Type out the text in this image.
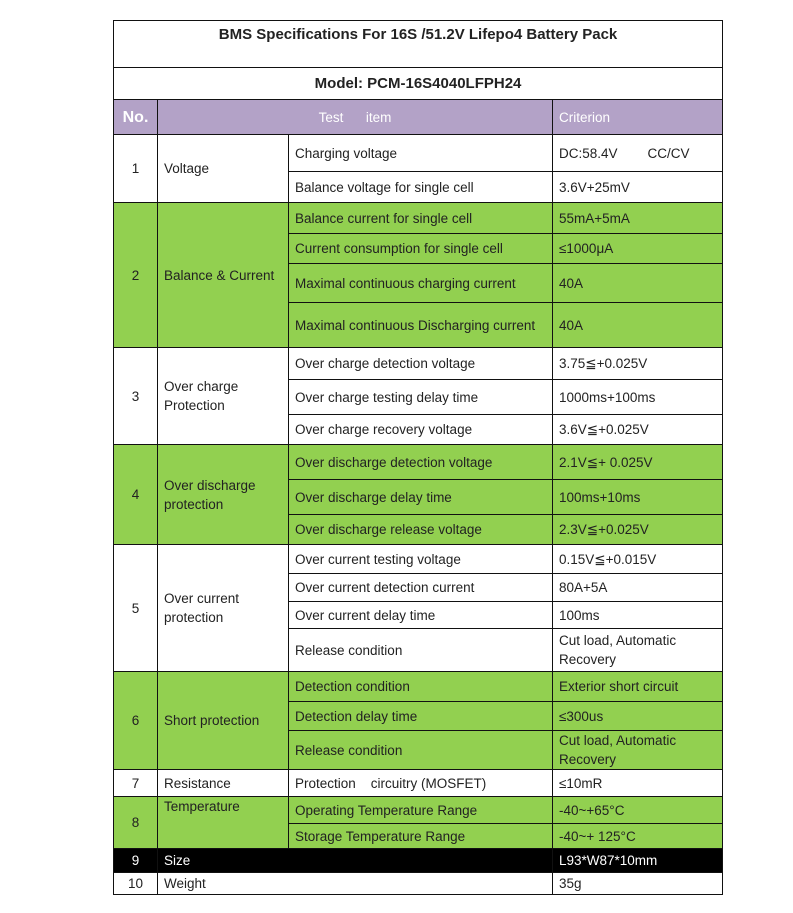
BMS Specifications For 16S /51.2V Lifepo4 Battery Pack			
Model: PCM-16S4040LFPH24			
No.	Test      item		Criterion
1	Voltage	Charging voltage	DC:58.4V        CC/CV
		Balance voltage for single cell	3.6V+25mV
2	Balance & Current	Balance current for single cell	55mA+5mA
		Current consumption for single cell	≤1000μA
		Maximal continuous charging current	40A
		Maximal continuous Discharging current	40A
3	Over charge Protection	Over charge detection voltage	3.75≦+0.025V
		Over charge testing delay time	1000ms+100ms
		Over charge recovery voltage	3.6V≦+0.025V
4	Over discharge protection	Over discharge detection voltage	2.1V≦+ 0.025V
		Over discharge delay time	100ms+10ms
		Over discharge release voltage	2.3V≦+0.025V
5	Over current protection	Over current testing voltage	0.15V≦+0.015V
		Over current detection current	80A+5A
		Over current delay time	100ms
		Release condition	Cut load, Automatic Recovery
6	Short protection	Detection condition	Exterior short circuit
		Detection delay time	≤300us
		Release condition	Cut load, Automatic Recovery
7	Resistance	Protection    circuitry (MOSFET)	≤10mR
8	Temperature	Operating Temperature Range	-40~+65°C
		Storage Temperature Range	-40~+ 125°C
9	Size		L93*W87*10mm
10	Weight		35g
